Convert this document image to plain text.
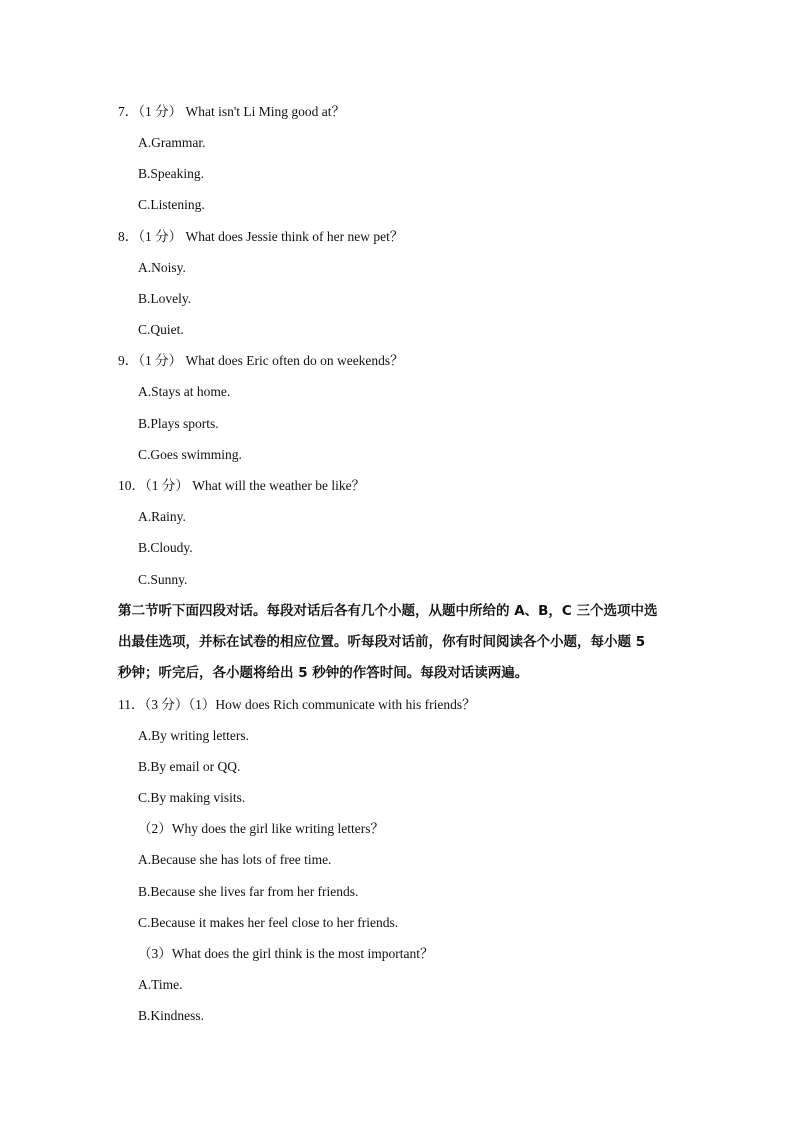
7．（1 分） What isn't Li Ming good at？
A.Grammar.
B.Speaking.
C.Listening.
8．（1 分） What does Jessie think of her new pet？
A.Noisy.
B.Lovely.
C.Quiet.
9．（1 分） What does Eric often do on weekends？
A.Stays at home.
B.Plays sports.
C.Goes swimming.
10．（1 分） What will the weather be like？
A.Rainy.
B.Cloudy.
C.Sunny.
第二节听下面四段对话。每段对话后各有几个小题，从题中所给的 A、B，C 三个选项中选
出最佳选项，并标在试卷的相应位置。听每段对话前，你有时间阅读各个小题，每小题 5
秒钟；听完后，各小题将给出 5 秒钟的作答时间。每段对话读两遍。
11．（3 分）（1）How does Rich communicate with his friends？
A.By writing letters.
B.By email or QQ.
C.By making visits.
（2）Why does the girl like writing letters？
A.Because she has lots of free time.
B.Because she lives far from her friends.
C.Because it makes her feel close to her friends.
（3）What does the girl think is the most important？
A.Time.
B.Kindness.
